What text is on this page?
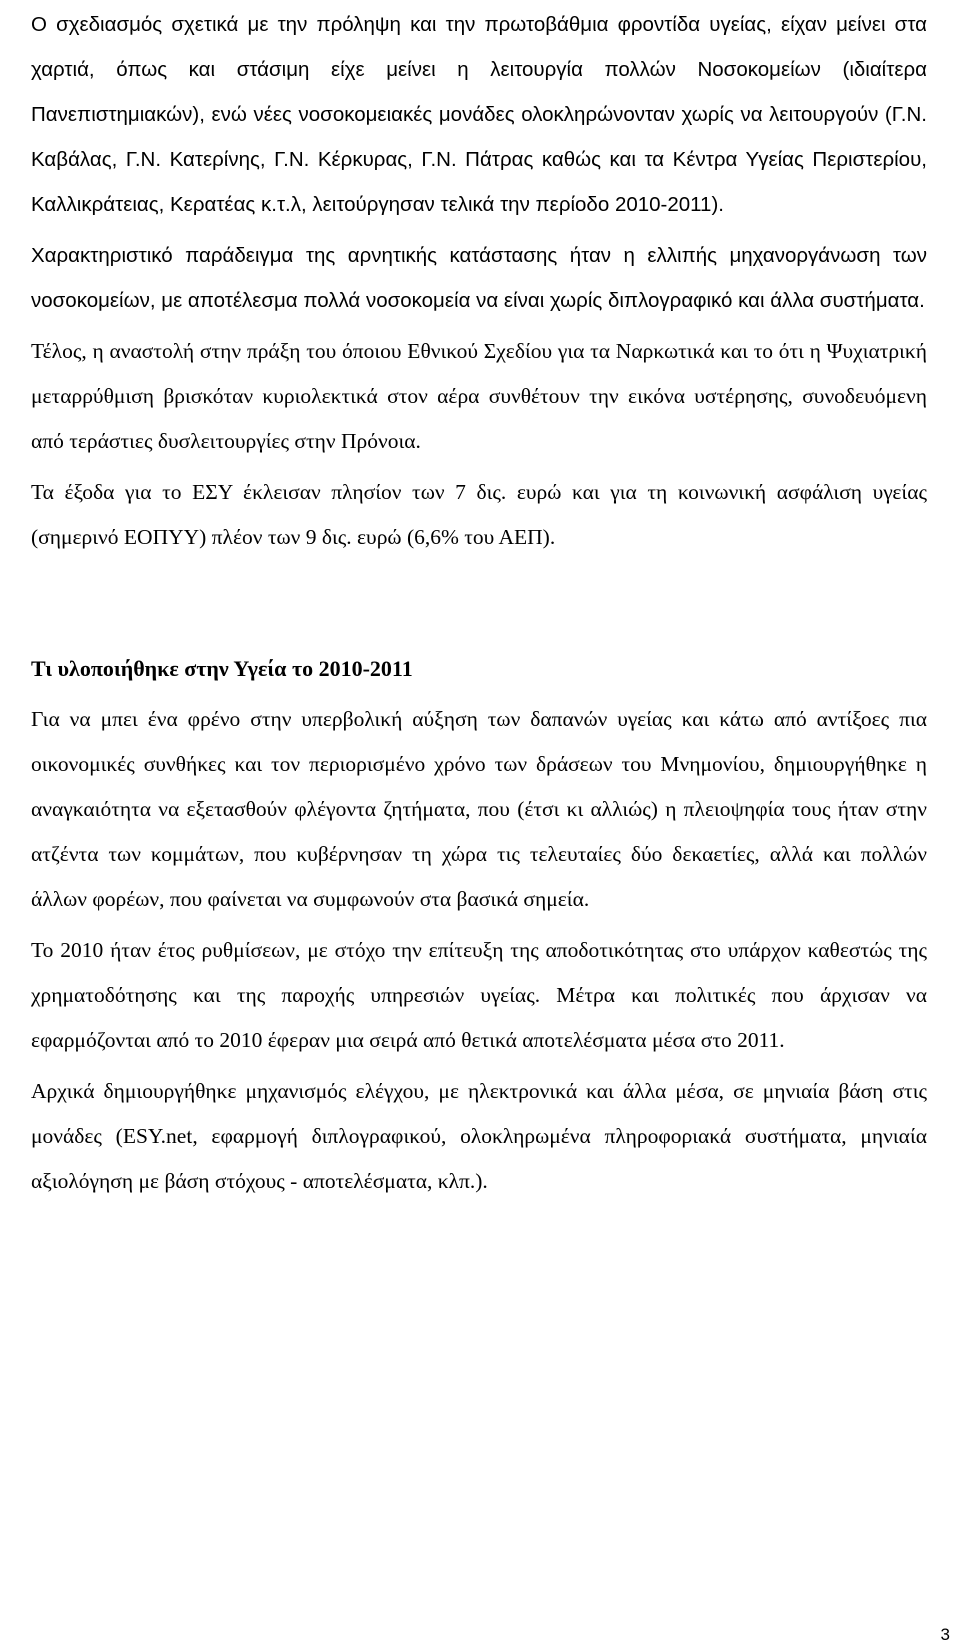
Ο σχεδιασμός σχετικά με την πρόληψη και την πρωτοβάθμια φροντίδα υγείας, είχαν μείνει στα χαρτιά, όπως και στάσιμη είχε μείνει η λειτουργία πολλών Νοσοκομείων (ιδιαίτερα Πανεπιστημιακών), ενώ νέες νοσοκομειακές μονάδες ολοκληρώνονταν χωρίς να λειτουργούν (Γ.Ν. Καβάλας, Γ.Ν. Κατερίνης, Γ.Ν. Κέρκυρας, Γ.Ν. Πάτρας καθώς και τα Κέντρα Υγείας Περιστερίου, Καλλικράτειας, Κερατέας κ.τ.λ, λειτούργησαν τελικά την περίοδο 2010-2011).

Χαρακτηριστικό παράδειγμα της αρνητικής κατάστασης ήταν η ελλιπής μηχανοργάνωση των νοσοκομείων, με αποτέλεσμα πολλά νοσοκομεία να είναι χωρίς διπλογραφικό και άλλα συστήματα.

Τέλος, η αναστολή στην πράξη του όποιου Εθνικού Σχεδίου για τα Ναρκωτικά και το ότι η Ψυχιατρική μεταρρύθμιση βρισκόταν κυριολεκτικά στον αέρα συνθέτουν την εικόνα υστέρησης, συνοδευόμενη από τεράστιες δυσλειτουργίες στην Πρόνοια.

Τα έξοδα για το ΕΣΥ έκλεισαν πλησίον των 7 δις. ευρώ και για τη κοινωνική ασφάλιση υγείας (σημερινό ΕΟΠΥΥ) πλέον των 9 δις. ευρώ (6,6% του ΑΕΠ).

Τι υλοποιήθηκε στην Υγεία το 2010-2011

Για να μπει ένα φρένο στην υπερβολική αύξηση των δαπανών υγείας και κάτω από αντίξοες πια οικονομικές συνθήκες και τον περιορισμένο χρόνο των δράσεων του Μνημονίου, δημιουργήθηκε η αναγκαιότητα να εξετασθούν φλέγοντα ζητήματα, που (έτσι κι αλλιώς) η πλειοψηφία τους ήταν στην ατζέντα των κομμάτων, που κυβέρνησαν τη χώρα τις τελευταίες δύο δεκαετίες, αλλά και πολλών άλλων φορέων, που φαίνεται να συμφωνούν στα βασικά σημεία.

Το 2010 ήταν έτος ρυθμίσεων, με στόχο την επίτευξη της αποδοτικότητας στο υπάρχον καθεστώς της χρηματοδότησης και της παροχής υπηρεσιών υγείας. Μέτρα και πολιτικές που άρχισαν να εφαρμόζονται από το 2010 έφεραν μια σειρά από θετικά αποτελέσματα μέσα στο 2011.

Αρχικά δημιουργήθηκε μηχανισμός ελέγχου, με ηλεκτρονικά και άλλα μέσα, σε μηνιαία βάση στις μονάδες (ESY.net, εφαρμογή διπλογραφικού, ολοκληρωμένα πληροφοριακά συστήματα, μηνιαία αξιολόγηση με βάση στόχους - αποτελέσματα, κλπ.).

3
